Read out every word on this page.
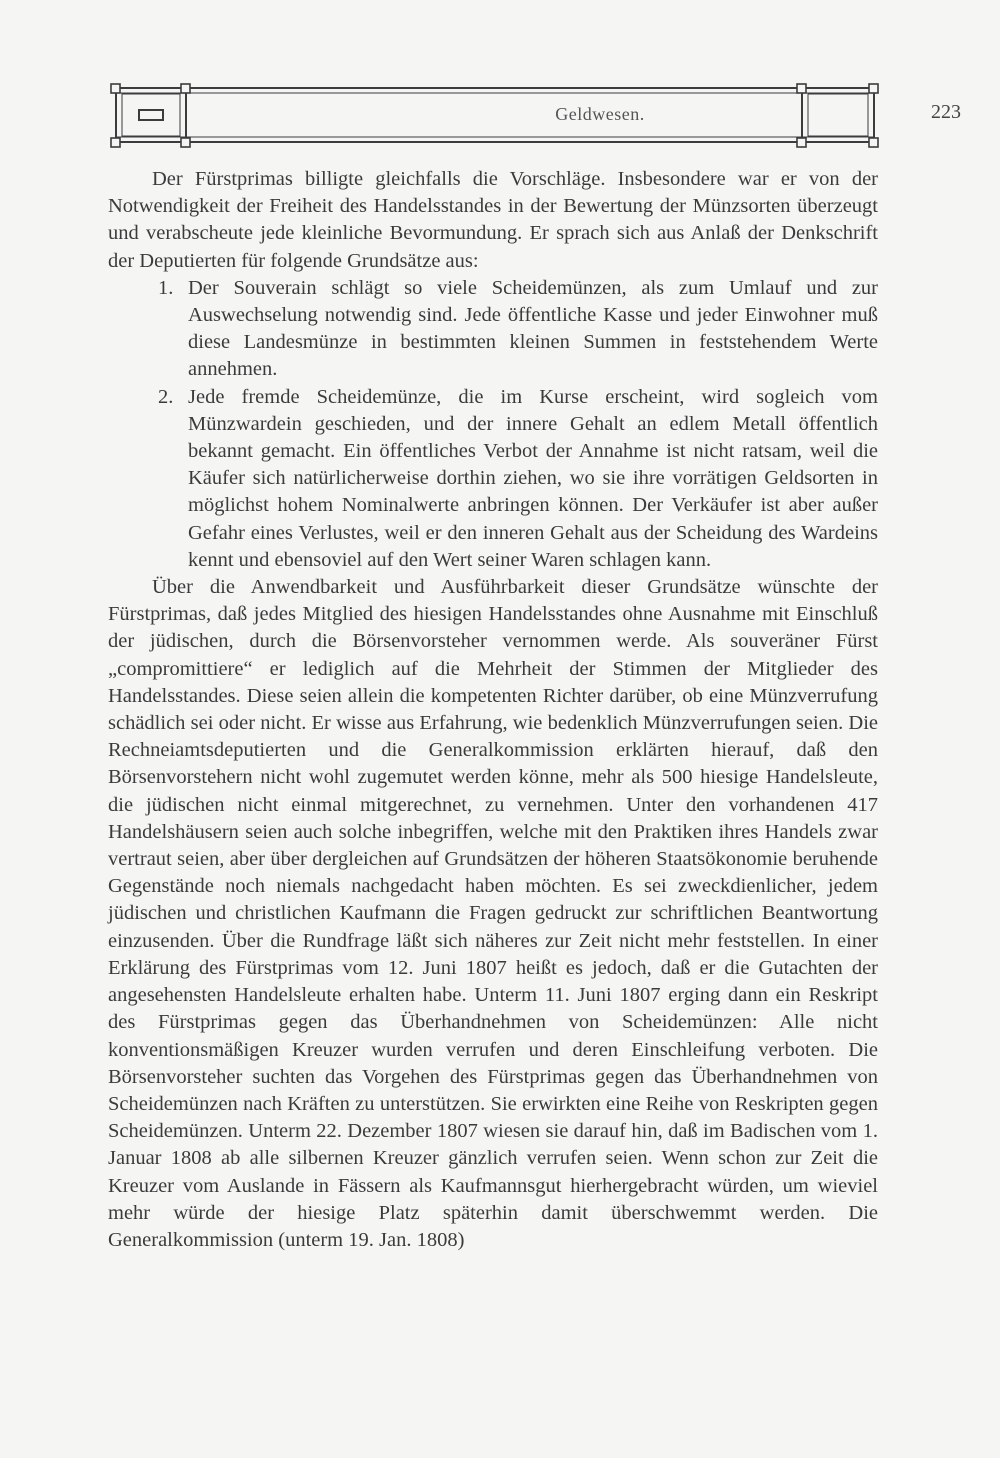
Geldwesen.	223

Der Fürstprimas billigte gleichfalls die Vorschläge. Insbesondere war er von der Notwendigkeit der Freiheit des Handelsstandes in der Bewertung der Münzsorten überzeugt und verabscheute jede kleinliche Bevormundung. Er sprach sich aus Anlaß der Denkschrift der Deputierten für folgende Grundsätze aus:

1. Der Souverain schlägt so viele Scheidemünzen, als zum Umlauf und zur Auswechselung notwendig sind. Jede öffentliche Kasse und jeder Einwohner muß diese Landesmünze in bestimmten kleinen Summen in feststehendem Werte annehmen.
2. Jede fremde Scheidemünze, die im Kurse erscheint, wird sogleich vom Münzwardein geschieden, und der innere Gehalt an edlem Metall öffentlich bekannt gemacht. Ein öffentliches Verbot der Annahme ist nicht ratsam, weil die Käufer sich natürlicherweise dorthin ziehen, wo sie ihre vorrätigen Geldsorten in möglichst hohem Nominalwerte anbringen können. Der Verkäufer ist aber außer Gefahr eines Verlustes, weil er den inneren Gehalt aus der Scheidung des Wardeins kennt und ebensoviel auf den Wert seiner Waren schlagen kann.

Über die Anwendbarkeit und Ausführbarkeit dieser Grundsätze wünschte der Fürstprimas, daß jedes Mitglied des hiesigen Handelsstandes ohne Ausnahme mit Einschluß der jüdischen, durch die Börsenvorsteher vernommen werde. Als souveräner Fürst „compromittiere“ er lediglich auf die Mehrheit der Stimmen der Mitglieder des Handelsstandes. Diese seien allein die kompetenten Richter darüber, ob eine Münzverrufung schädlich sei oder nicht. Er wisse aus Erfahrung, wie bedenklich Münzverrufungen seien. Die Rechneiamtsdeputierten und die Generalkommission erklärten hierauf, daß den Börsenvorstehern nicht wohl zugemutet werden könne, mehr als 500 hiesige Handelsleute, die jüdischen nicht einmal mitgerechnet, zu vernehmen. Unter den vorhandenen 417 Handelshäusern seien auch solche inbegriffen, welche mit den Praktiken ihres Handels zwar vertraut seien, aber über dergleichen auf Grundsätzen der höheren Staatsökonomie beruhende Gegenstände noch niemals nachgedacht haben möchten. Es sei zweckdienlicher, jedem jüdischen und christlichen Kaufmann die Fragen gedruckt zur schriftlichen Beantwortung einzusenden. Über die Rundfrage läßt sich näheres zur Zeit nicht mehr feststellen. In einer Erklärung des Fürstprimas vom 12. Juni 1807 heißt es jedoch, daß er die Gutachten der angesehensten Handelsleute erhalten habe. Unterm 11. Juni 1807 erging dann ein Reskript des Fürstprimas gegen das Überhandnehmen von Scheidemünzen: Alle nicht konventionsmäßigen Kreuzer wurden verrufen und deren Einschleifung verboten. Die Börsenvorsteher suchten das Vorgehen des Fürstprimas gegen das Überhandnehmen von Scheidemünzen nach Kräften zu unterstützen. Sie erwirkten eine Reihe von Reskripten gegen Scheidemünzen. Unterm 22. Dezember 1807 wiesen sie darauf hin, daß im Badischen vom 1. Januar 1808 ab alle silbernen Kreuzer gänzlich verrufen seien. Wenn schon zur Zeit die Kreuzer vom Auslande in Fässern als Kaufmannsgut hierhergebracht würden, um wieviel mehr würde der hiesige Platz späterhin damit überschwemmt werden. Die Generalkommission (unterm 19. Jan. 1808)
